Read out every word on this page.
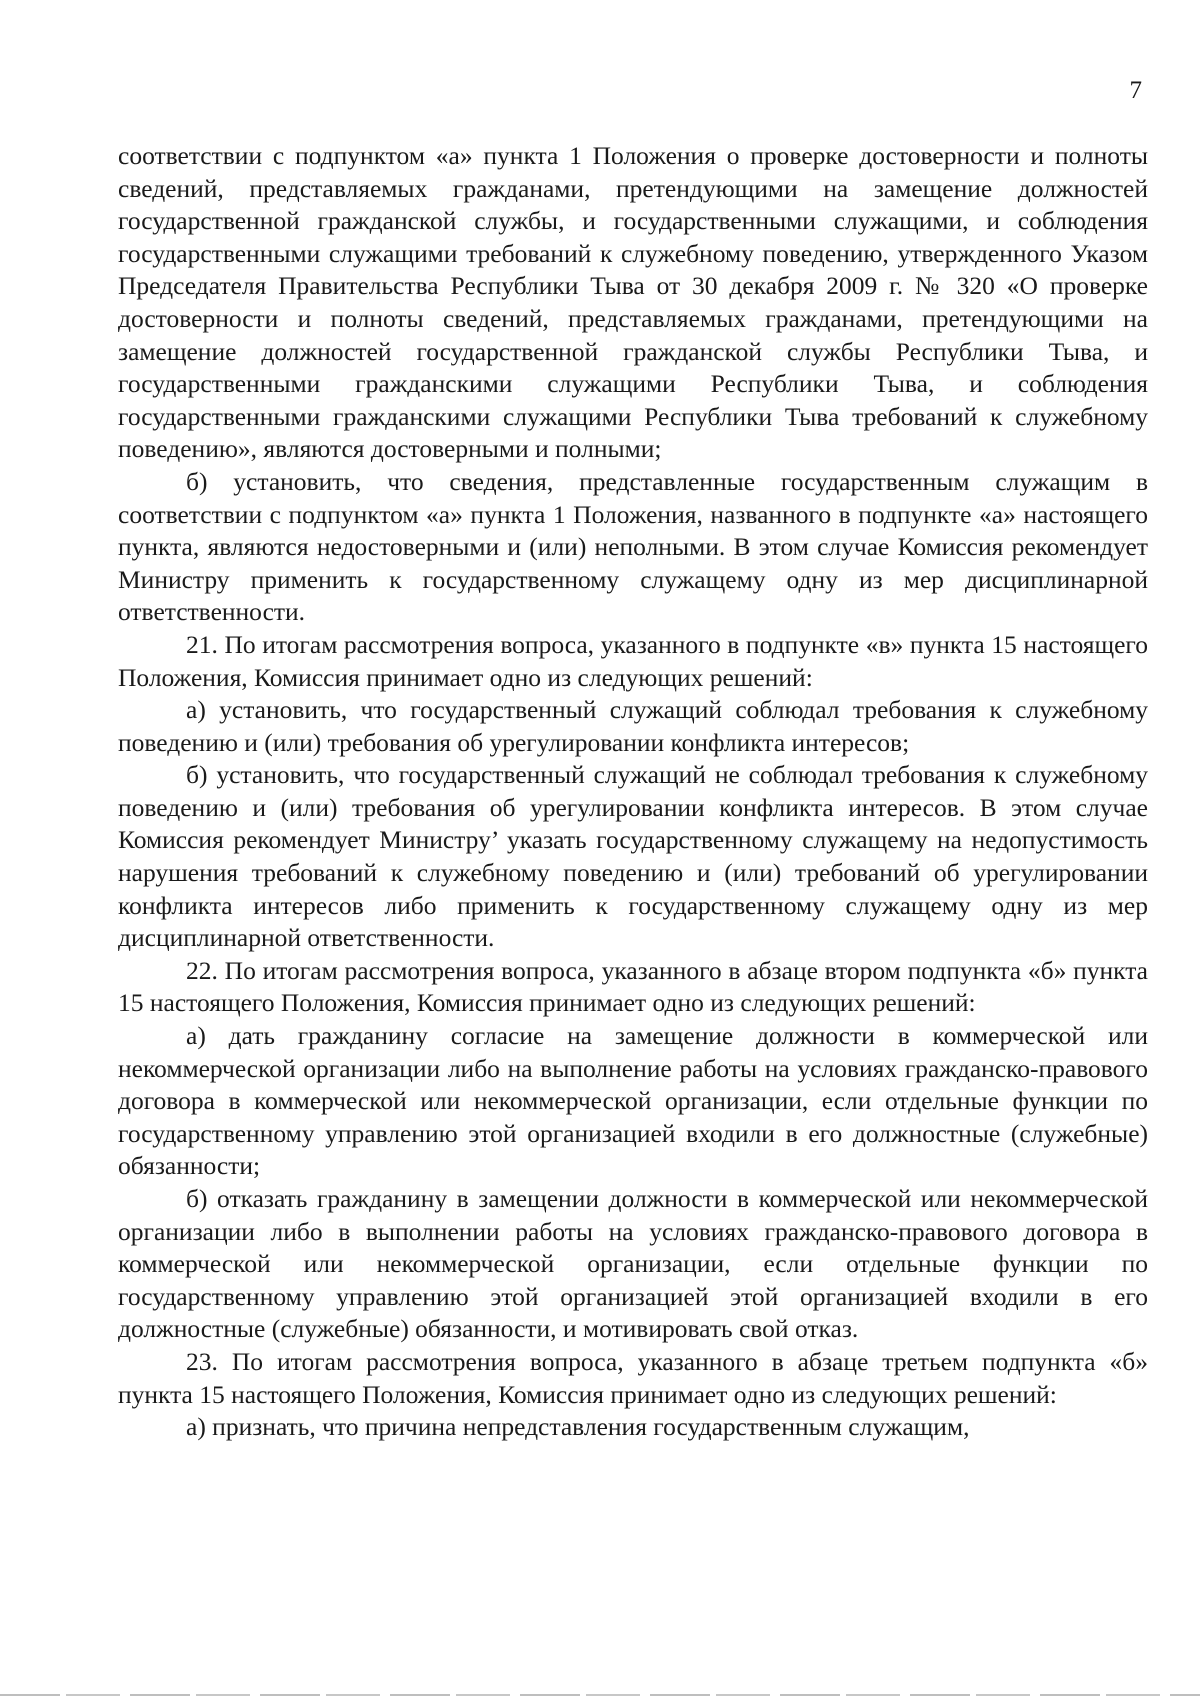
7

соответствии с подпунктом «а» пункта 1 Положения о проверке достоверности и полноты сведений, представляемых гражданами, претендующими на замещение должностей государственной гражданской службы, и государственными служащими, и соблюдения государственными служащими требований к служебному поведению, утвержденного Указом Председателя Правительства Республики Тыва от 30 декабря 2009 г. № 320 «О проверке достоверности и полноты сведений, представляемых гражданами, претендующими на замещение должностей государственной гражданской службы Республики Тыва, и государственными гражданскими служащими Республики Тыва, и соблюдения государственными гражданскими служащими Республики Тыва требований к служебному поведению», являются достоверными и полными;

б) установить, что сведения, представленные государственным служащим в соответствии с подпунктом «а» пункта 1 Положения, названного в подпункте «а» настоящего пункта, являются недостоверными и (или) неполными. В этом случае Комиссия рекомендует Министру применить к государственному служащему одну из мер дисциплинарной ответственности.

21. По итогам рассмотрения вопроса, указанного в подпункте «в» пункта 15 настоящего Положения, Комиссия принимает одно из следующих решений:

а) установить, что государственный служащий соблюдал требования к служебному поведению и (или) требования об урегулировании конфликта интересов;

б) установить, что государственный служащий не соблюдал требования к служебному поведению и (или) требования об урегулировании конфликта интересов. В этом случае Комиссия рекомендует Министру’ указать государственному служащему на недопустимость нарушения требований к служебному поведению и (или) требований об урегулировании конфликта интересов либо применить к государственному служащему одну из мер дисциплинарной ответственности.

22. По итогам рассмотрения вопроса, указанного в абзаце втором подпункта «б» пункта 15 настоящего Положения, Комиссия принимает одно из следующих решений:

а) дать гражданину согласие на замещение должности в коммерческой или некоммерческой организации либо на выполнение работы на условиях гражданско-правового договора в коммерческой или некоммерческой организации, если отдельные функции по государственному управлению этой организацией входили в его должностные (служебные) обязанности;

б) отказать гражданину в замещении должности в коммерческой или некоммерческой организации либо в выполнении работы на условиях гражданско-правового договора в коммерческой или некоммерческой организации, если отдельные функции по государственному управлению этой организацией этой организацией входили в его должностные (служебные) обязанности, и мотивировать свой отказ.

23. По итогам рассмотрения вопроса, указанного в абзаце третьем подпункта «б» пункта 15 настоящего Положения, Комиссия принимает одно из следующих решений:

а) признать, что причина непредставления государственным служащим,
